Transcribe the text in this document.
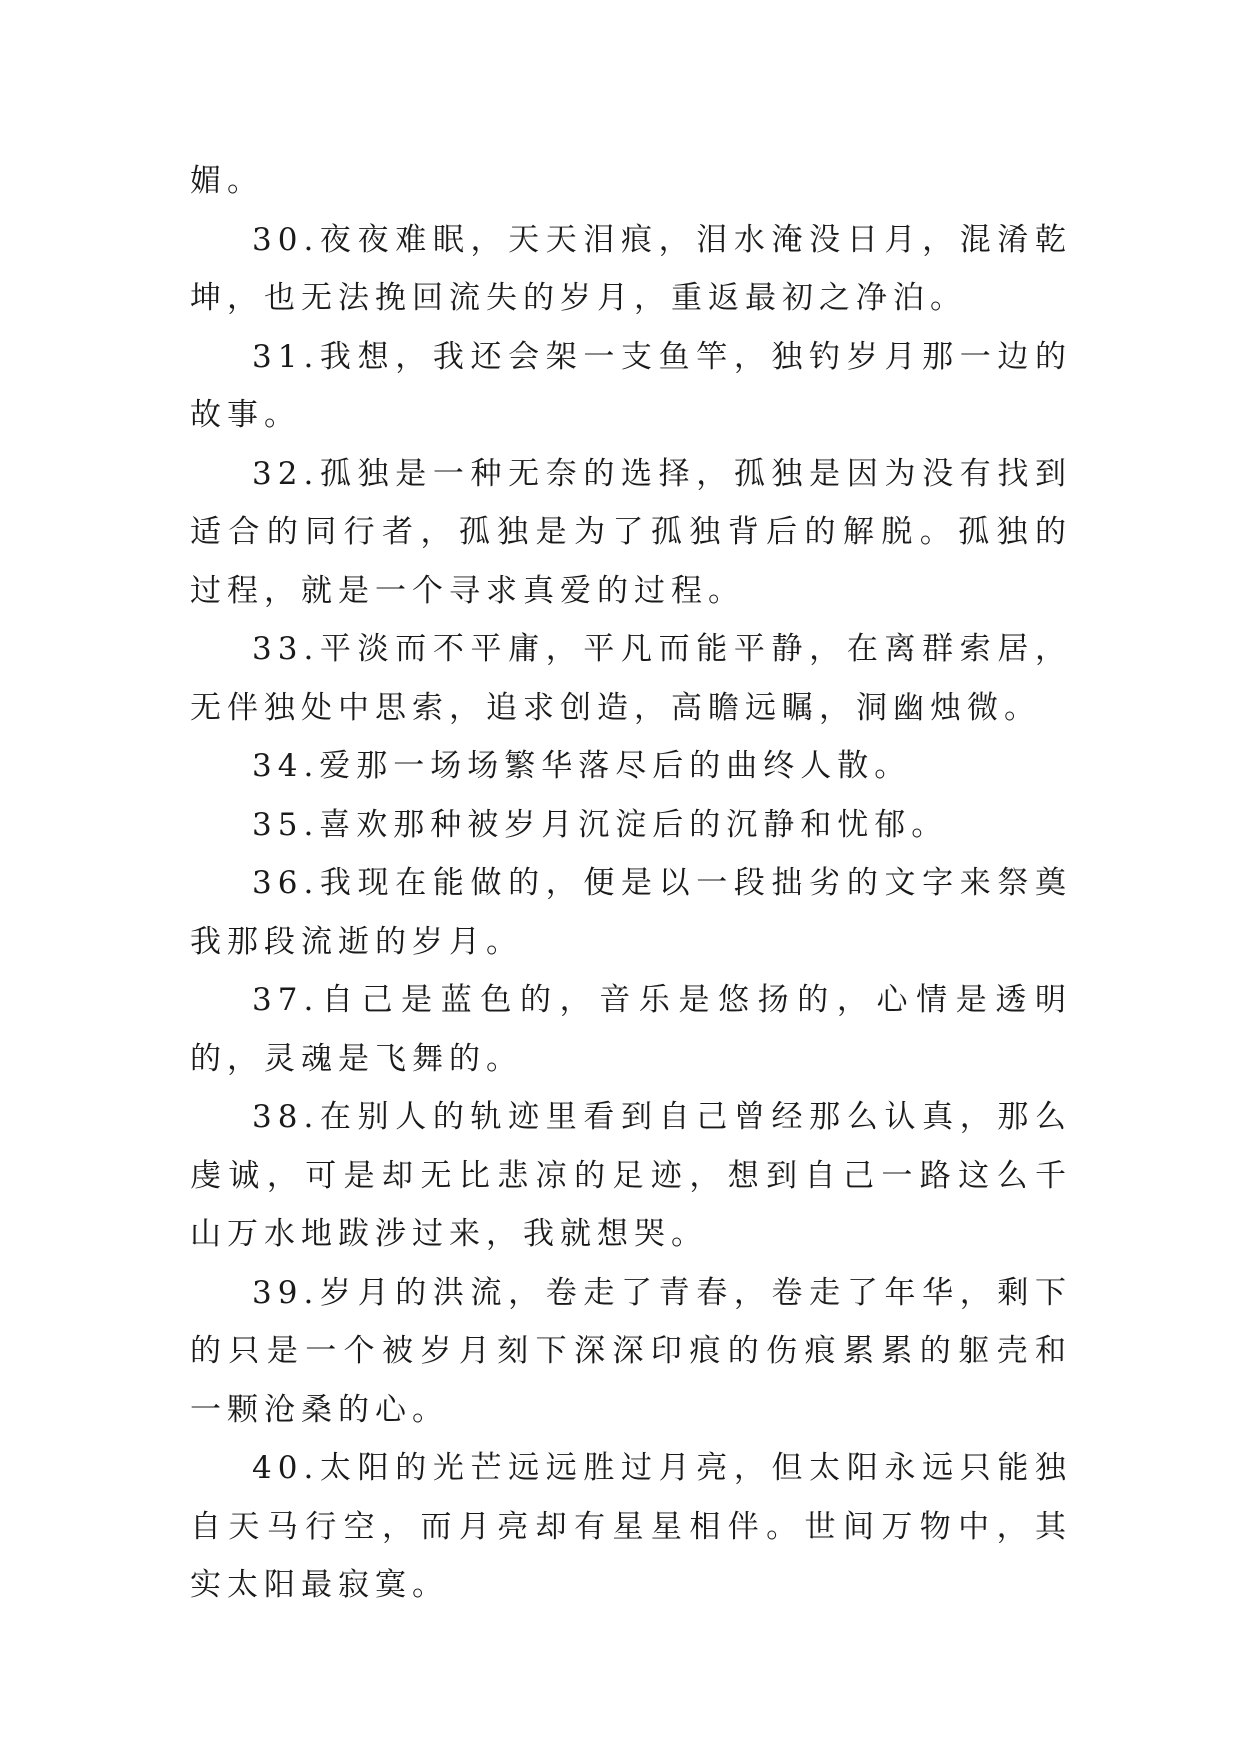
媚。

30.夜夜难眠，天天泪痕，泪水淹没日月，混淆乾坤，也无法挽回流失的岁月，重返最初之净泊。

31.我想，我还会架一支鱼竿，独钓岁月那一边的故事。

32.孤独是一种无奈的选择，孤独是因为没有找到适合的同行者，孤独是为了孤独背后的解脱。孤独的过程，就是一个寻求真爱的过程。

33.平淡而不平庸，平凡而能平静，在离群索居，无伴独处中思索，追求创造，高瞻远瞩，洞幽烛微。

34.爱那一场场繁华落尽后的曲终人散。

35.喜欢那种被岁月沉淀后的沉静和忧郁。

36.我现在能做的，便是以一段拙劣的文字来祭奠我那段流逝的岁月。

37.自己是蓝色的，音乐是悠扬的，心情是透明的，灵魂是飞舞的。

38.在别人的轨迹里看到自己曾经那么认真，那么虔诚，可是却无比悲凉的足迹，想到自己一路这么千山万水地跋涉过来，我就想哭。

39.岁月的洪流，卷走了青春，卷走了年华，剩下的只是一个被岁月刻下深深印痕的伤痕累累的躯壳和一颗沧桑的心。

40.太阳的光芒远远胜过月亮，但太阳永远只能独自天马行空，而月亮却有星星相伴。世间万物中，其实太阳最寂寞。
